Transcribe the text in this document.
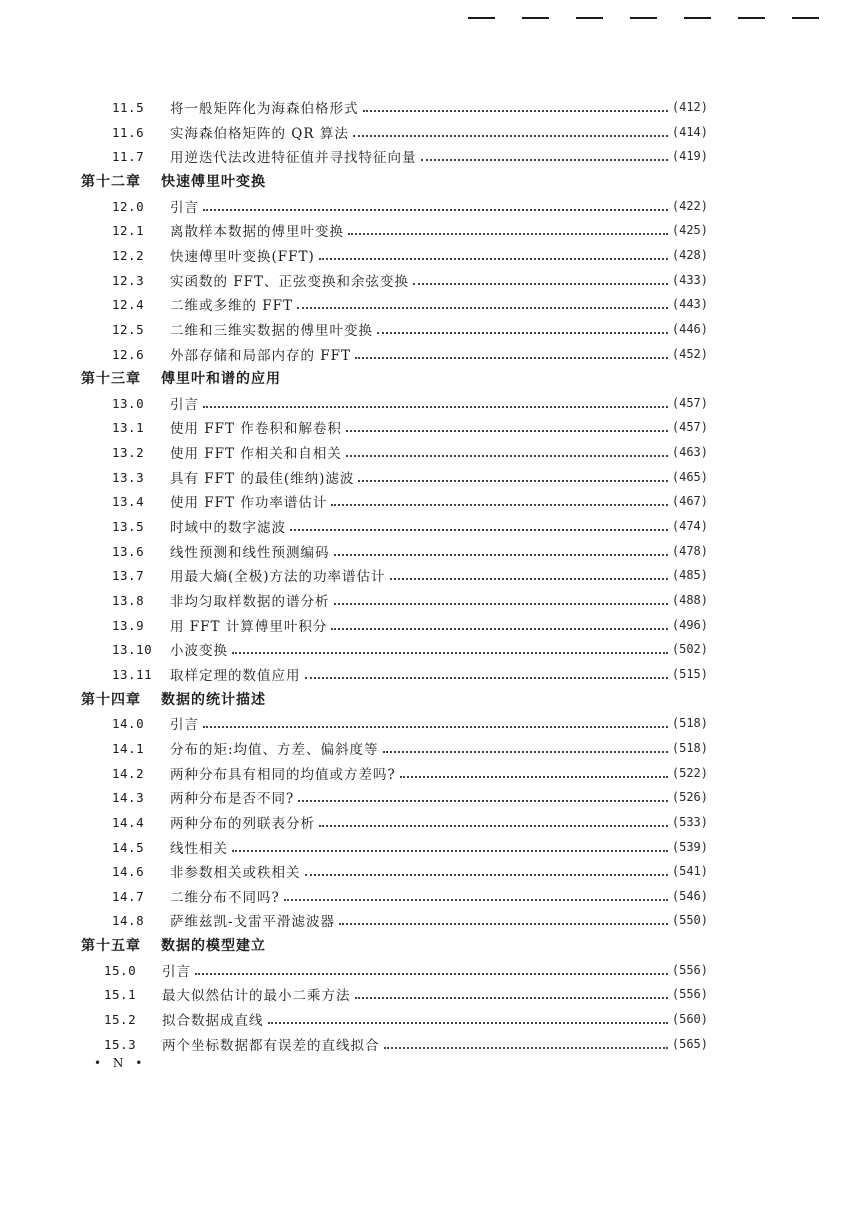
11.5	将一般矩阵化为海森伯格形式	(412)
11.6	实海森伯格矩阵的 QR 算法	(414)
11.7	用逆迭代法改进特征值并寻找特征向量	(419)
第十二章	快速傅里叶变换
12.0	引言	(422)
12.1	离散样本数据的傅里叶变换	(425)
12.2	快速傅里叶变换(FFT)	(428)
12.3	实函数的 FFT、正弦变换和余弦变换	(433)
12.4	二维或多维的 FFT	(443)
12.5	二维和三维实数据的傅里叶变换	(446)
12.6	外部存储和局部内存的 FFT	(452)
第十三章	傅里叶和谱的应用
13.0	引言	(457)
13.1	使用 FFT 作卷积和解卷积	(457)
13.2	使用 FFT 作相关和自相关	(463)
13.3	具有 FFT 的最佳(维纳)滤波	(465)
13.4	使用 FFT 作功率谱估计	(467)
13.5	时域中的数字滤波	(474)
13.6	线性预测和线性预测编码	(478)
13.7	用最大熵(全极)方法的功率谱估计	(485)
13.8	非均匀取样数据的谱分析	(488)
13.9	用 FFT 计算傅里叶积分	(496)
13.10	小波变换	(502)
13.11	取样定理的数值应用	(515)
第十四章	数据的统计描述
14.0	引言	(518)
14.1	分布的矩:均值、方差、偏斜度等	(518)
14.2	两种分布具有相同的均值或方差吗?	(522)
14.3	两种分布是否不同?	(526)
14.4	两种分布的列联表分析	(533)
14.5	线性相关	(539)
14.6	非参数相关或秩相关	(541)
14.7	二维分布不同吗?	(546)
14.8	萨维兹凯-戈雷平滑滤波器	(550)
第十五章	数据的模型建立
15.0	引言	(556)
15.1	最大似然估计的最小二乘方法	(556)
15.2	拟合数据成直线	(560)
15.3	两个坐标数据都有误差的直线拟合	(565)
• N •
